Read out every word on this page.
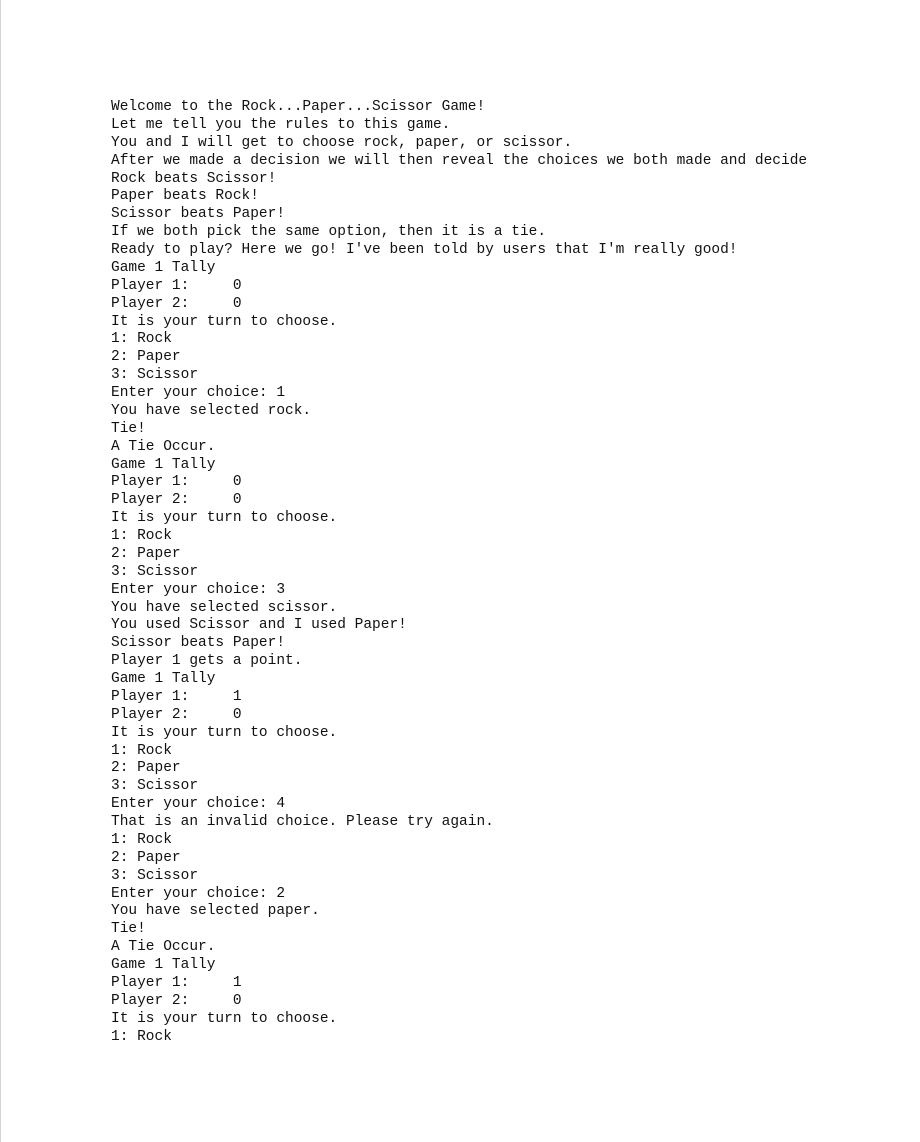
Welcome to the Rock...Paper...Scissor Game!
Let me tell you the rules to this game.
You and I will get to choose rock, paper, or scissor.
After we made a decision we will then reveal the choices we both made and decide
Rock beats Scissor!
Paper beats Rock!
Scissor beats Paper!
If we both pick the same option, then it is a tie.
Ready to play? Here we go! I've been told by users that I'm really good!
Game 1 Tally
Player 1:     0
Player 2:     0
It is your turn to choose.
1: Rock
2: Paper
3: Scissor
Enter your choice: 1
You have selected rock.
Tie!
A Tie Occur.
Game 1 Tally
Player 1:     0
Player 2:     0
It is your turn to choose.
1: Rock
2: Paper
3: Scissor
Enter your choice: 3
You have selected scissor.
You used Scissor and I used Paper!
Scissor beats Paper!
Player 1 gets a point.
Game 1 Tally
Player 1:     1
Player 2:     0
It is your turn to choose.
1: Rock
2: Paper
3: Scissor
Enter your choice: 4
That is an invalid choice. Please try again.
1: Rock
2: Paper
3: Scissor
Enter your choice: 2
You have selected paper.
Tie!
A Tie Occur.
Game 1 Tally
Player 1:     1
Player 2:     0
It is your turn to choose.
1: Rock
